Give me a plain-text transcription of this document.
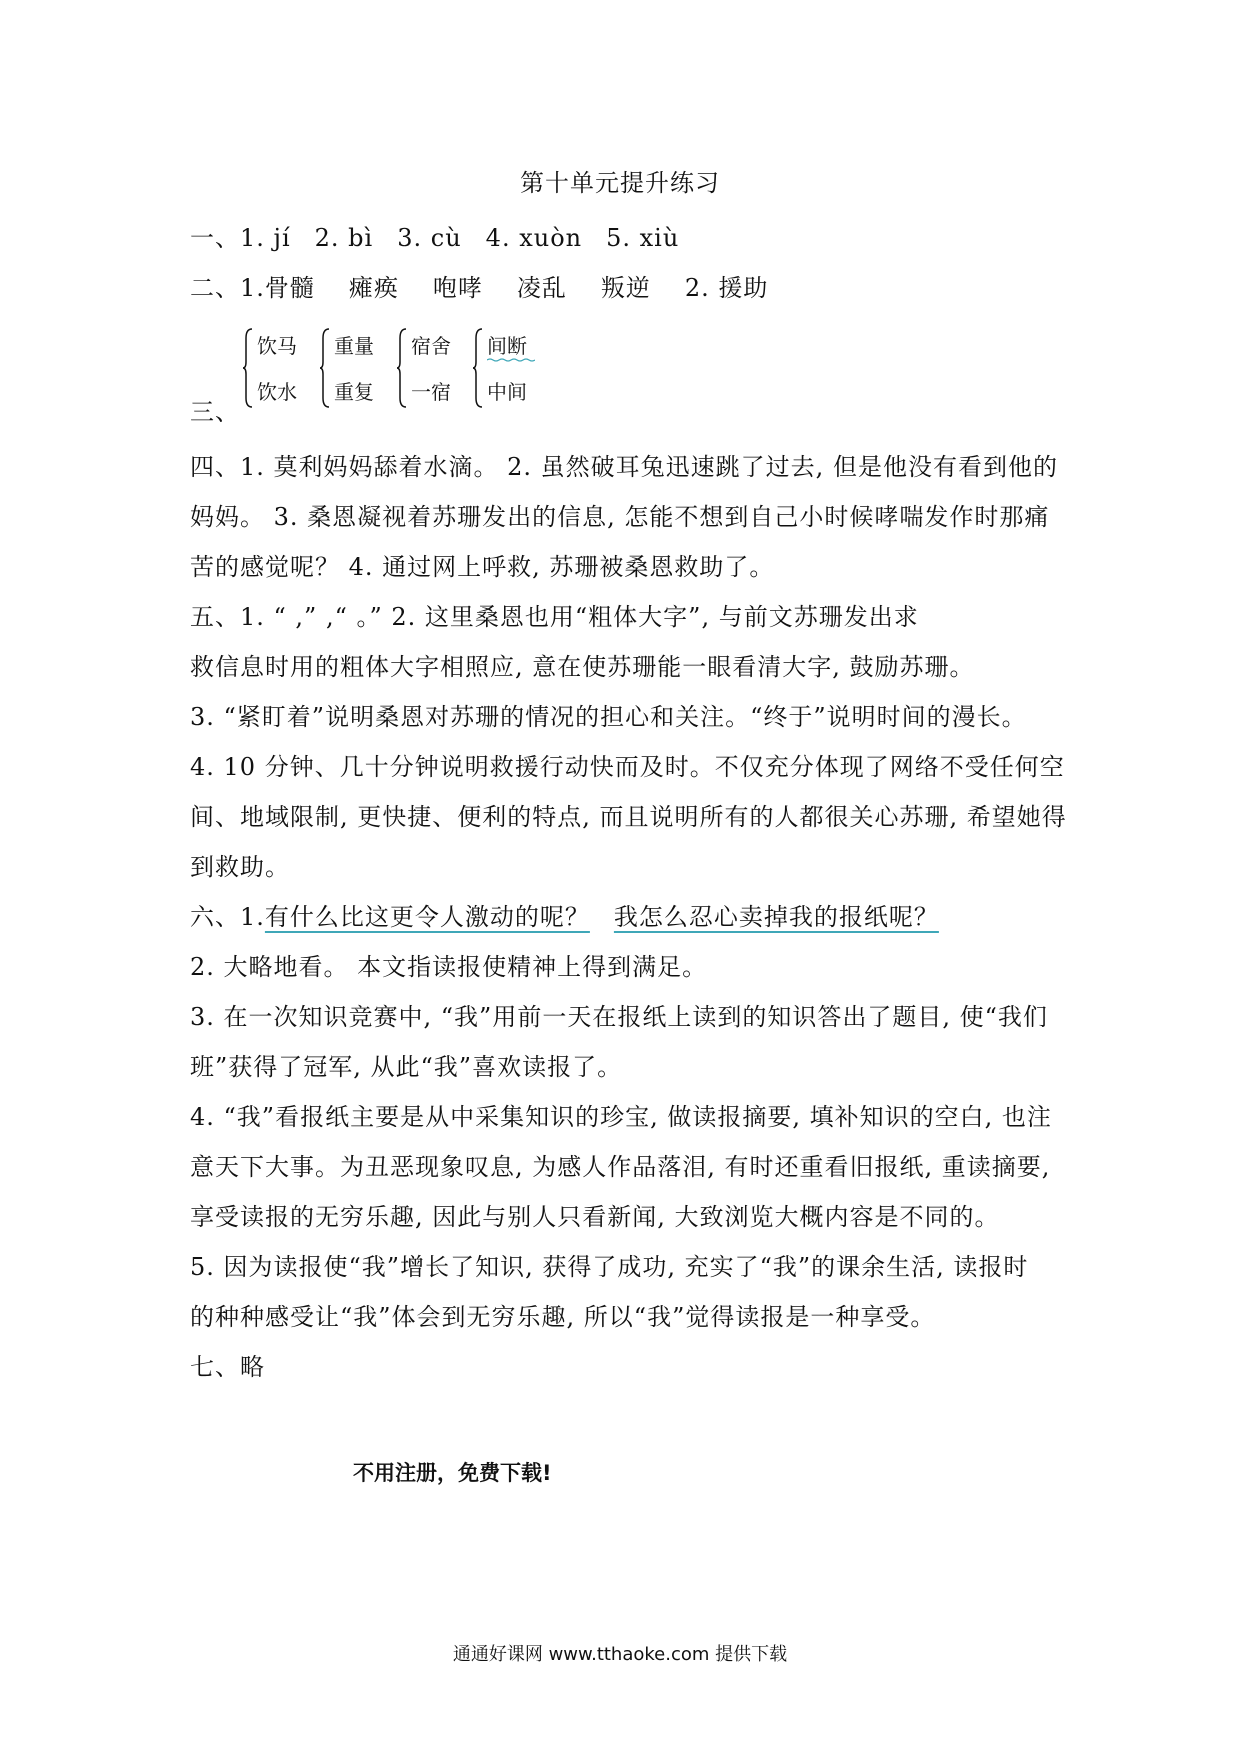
第十单元提升练习
一、1. jí 2. bì 3. cù 4. xuòn 5. xiù
二、1.骨髓 瘫痪 咆哮 凌乱 叛逆 2. 援助
三、
饮马
饮水
重量
重复
宿舍
一宿
间断
中间
四、1. 莫利妈妈舔着水滴。 2. 虽然破耳兔迅速跳了过去, 但是他没有看到他的
妈妈。 3. 桑恩凝视着苏珊发出的信息, 怎能不想到自己小时候哮喘发作时那痛
苦的感觉呢？ 4. 通过网上呼救, 苏珊被桑恩救助了。
五、1. “ ,” ,“ 。” 2. 这里桑恩也用“粗体大字”, 与前文苏珊发出求
救信息时用的粗体大字相照应, 意在使苏珊能一眼看清大字, 鼓励苏珊。
3. “紧盯着”说明桑恩对苏珊的情况的担心和关注。“终于”说明时间的漫长。
4. 10 分钟、几十分钟说明救援行动快而及时。不仅充分体现了网络不受任何空
间、地域限制, 更快捷、便利的特点, 而且说明所有的人都很关心苏珊, 希望她得
到救助。
六、1.有什么比这更令人激动的呢？ 我怎么忍心卖掉我的报纸呢？
2. 大略地看。 本文指读报使精神上得到满足。
3. 在一次知识竞赛中, “我”用前一天在报纸上读到的知识答出了题目, 使“我们
班”获得了冠军, 从此“我”喜欢读报了。
4. “我”看报纸主要是从中采集知识的珍宝, 做读报摘要, 填补知识的空白, 也注
意天下大事。为丑恶现象叹息, 为感人作品落泪, 有时还重看旧报纸, 重读摘要,
享受读报的无穷乐趣, 因此与别人只看新闻, 大致浏览大概内容是不同的。
5. 因为读报使“我”增长了知识, 获得了成功, 充实了“我”的课余生活, 读报时
的种种感受让“我”体会到无穷乐趣, 所以“我”觉得读报是一种享受。
七、略
不用注册，免费下载!
通通好课网 www.tthaoke.com 提供下载
